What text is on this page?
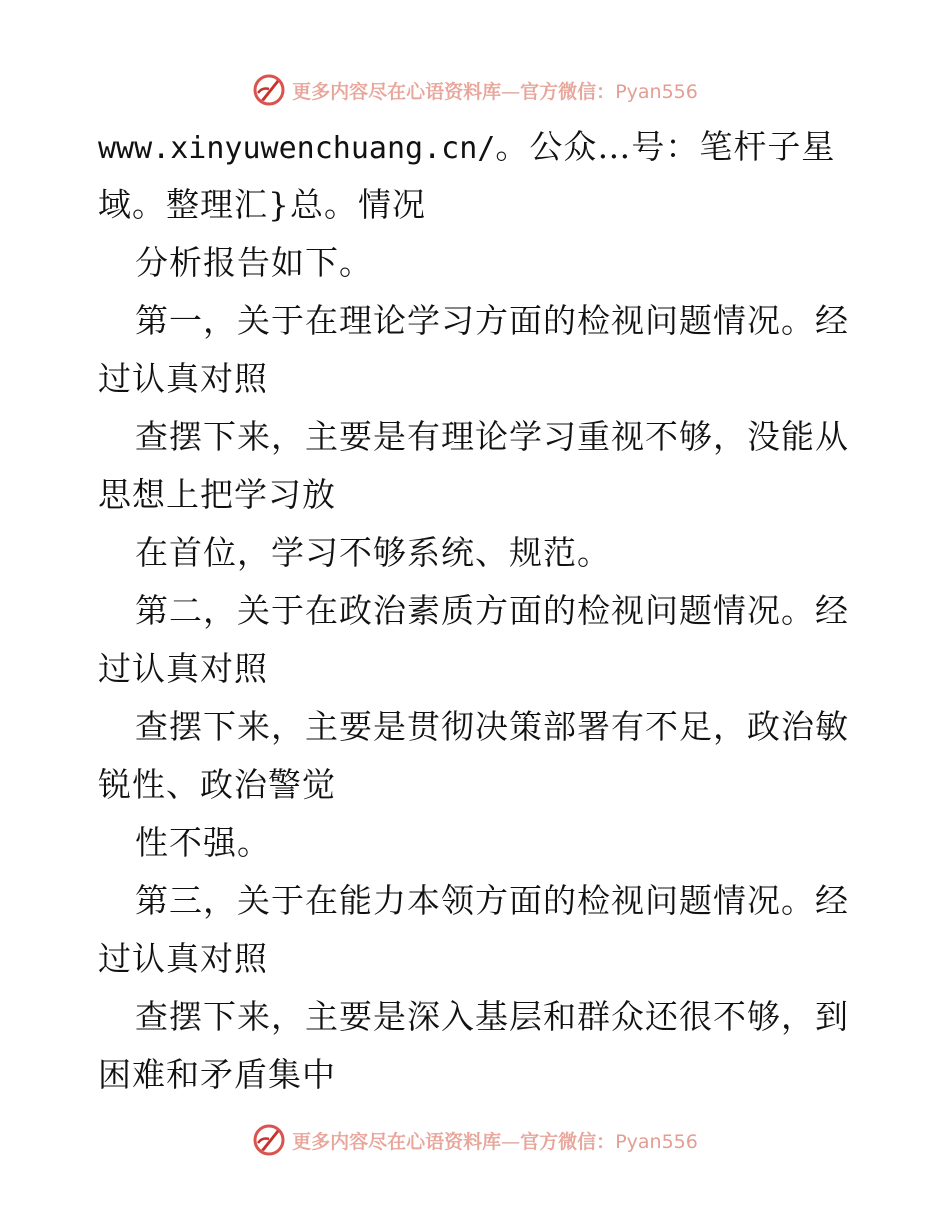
更多内容尽在心语资料库—官方微信：Pyan556
www.xinyuwenchuang.cn/。公众…号：笔杆子星
域。整理汇}总。情况
分析报告如下。
第一，关于在理论学习方面的检视问题情况。经
过认真对照
查摆下来，主要是有理论学习重视不够，没能从
思想上把学习放
在首位，学习不够系统、规范。
第二，关于在政治素质方面的检视问题情况。经
过认真对照
查摆下来，主要是贯彻决策部署有不足，政治敏
锐性、政治警觉
性不强。
第三，关于在能力本领方面的检视问题情况。经
过认真对照
查摆下来，主要是深入基层和群众还很不够，到
困难和矛盾集中
更多内容尽在心语资料库—官方微信：Pyan556
